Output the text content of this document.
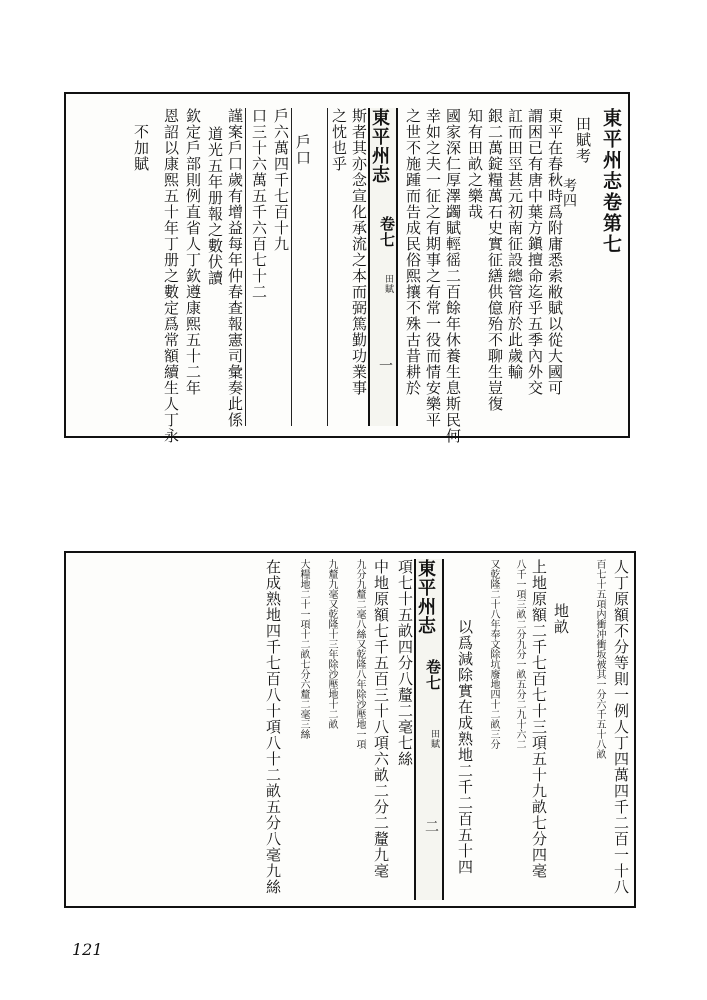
東平州志卷第七
考四
田賦考
東平在春秋時爲附庸悉索敝賦以從大國可
謂困已有唐中葉方鎭擅命迄乎五季內外交
訌而田巠甚元初南征設總管府於此歲輸
銀二萬錠糧萬石史實征繕供億殆不聊生豈復
知有田畝之樂哉
國家深仁厚澤蠲賦輕徭二百餘年休養生息斯民何
幸如之夫一征之有期事之有常一役而情安樂平
之世不施踵而告成民俗熙攘不殊古昔耕於
東平州志
卷七
田賦
一
斯者其亦念宣化承流之本而弼篤勤功業事
之忱也乎
戶口
戶六萬四千七百十九
口三十六萬五千六百七十二
謹案戶口歲有增益每年仲春查報憲司彙奏此係
道光五年册報之數伏讀
欽定戶部則例直省人丁欽遵康熙五十二年
恩詔以康熙五十年丁册之數定爲常額續生人丁永
不加賦
人丁原額不分等則一例人丁四萬四千二百一十八
百七十五項内衝冲衝坂被其一分六千五十八畝
地畝
上地原額二千七百七十三項五十九畝七分四毫
八千一項三畝二分九分一畝五分二九十六二
又乾隆二十八年奉文除坑廢地四十二畝三分
以爲減除實在成熟地二千二百五十四
東平州志
卷七
田賦
二
項七十五畝四分八釐二毫七絲
中地原額七千五百三十八項六畝二分二釐九毫
九分九釐二毫八絲又乾隆八年除沙壓地一項
九釐九毫又乾隆十三年除沙壓地十二畝
大糧地二十一項十二畝七分六釐二毫三絲
在成熟地四千七百八十項八十二畝五分八毫九絲
121
